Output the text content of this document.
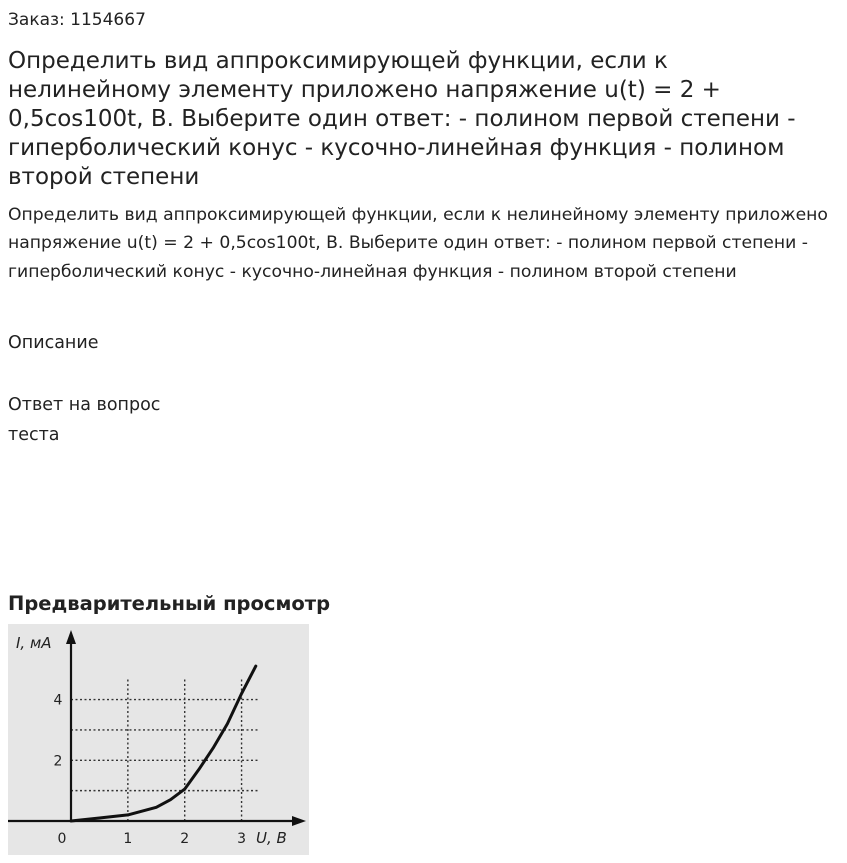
Заказ: 1154667
Определить вид аппроксимирующей функции, если к нелинейному элементу приложено напряжение u(t) = 2 + 0,5cos100t, В. Выберите один ответ: - полином первой степени - гиперболический конус - кусочно-линейная функция - полином второй степени

Определить вид аппроксимирующей функции, если к нелинейному элементу приложено напряжение u(t) = 2 + 0,5cos100t, В. Выберите один ответ: - полином первой степени - гиперболический конус - кусочно-линейная функция - полином второй степени

Описание
Ответ на вопрос теста
Предварительный просмотр
0	1	2	3
2
4
I, мА
U, В
